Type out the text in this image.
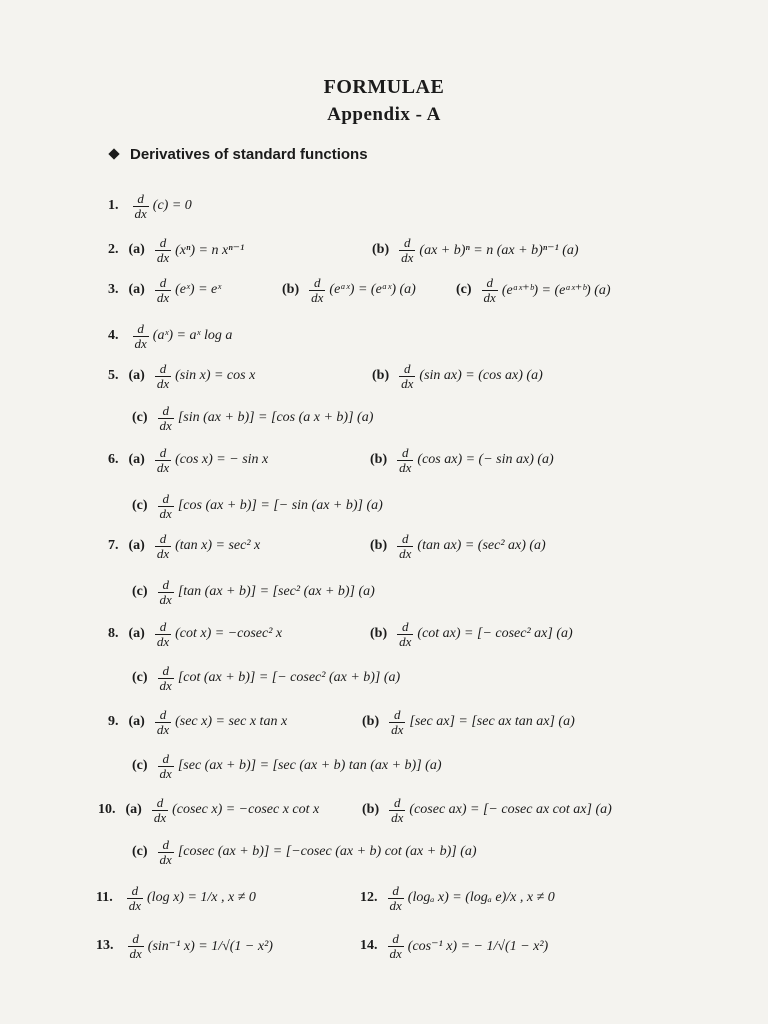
FORMULAE
Appendix - A
Derivatives of standard functions
1. $\frac{d}{dx} (c) = 0$
2. $(a) \frac{d}{dx} (x^n) = n$ xⁿ⁻¹	$(b) \frac{d}{dx} (ax + b)^n = n$ (ax + b)ⁿ⁻¹ (a)
3. $(a) \frac{d}{dx}$ (eˣ) = eˣ	$(b) \frac{d}{dx}$ (eᵃˣ) = (eᵃˣ) (a)	$(c) \frac{d}{dx}$ (eᵃˣ⁺ᵇ) = (eᵃˣ⁺ᵇ) (a)
4. $\frac{d}{dx}$ (aˣ) = aˣ log a
5. $(a) \frac{d}{dx} (\sin$ x) = cos x	$(b) \frac{d}{dx} (\sin$ ax) = (cos ax) (a)
$(c) \frac{d}{dx} [\sin$ (ax + b)] = [cos (a x + b)] (a)
6. $(a) \frac{d}{dx} (\cos$ x) = − sin x	$(b) \frac{d}{dx} (\cos$ ax) = (− sin ax) (a)
$(c) \frac{d}{dx} [\cos$ (ax + b)] = [− sin (ax + b)] (a)
7. $(a) \frac{d}{dx} (\tan$ x) = sec² x	$(b) \frac{d}{dx} (\tan$ ax) = (sec² ax) (a)
$(c) \frac{d}{dx} [\tan$ (ax + b)] = [sec² (ax + b)] (a)
8. $(a) \frac{d}{dx} (\cot$ x) = −cosec² x	$(b) \frac{d}{dx} (\cot$ ax) = [− cosec² ax] (a)
$(c) \frac{d}{dx} [\cot$ (ax + b)] = [− cosec² (ax + b)] (a)
9. $(a) \frac{d}{dx} (\sec$ x) = sec x tan x	$(b) \frac{d}{dx} [\sec$ ax] = [sec ax tan ax] (a)
$(c) \frac{d}{dx} [\sec$ (ax + b)] = [sec (ax + b) tan (ax + b)] (a)
10. $(a) \frac{d}{dx} (cosec$ x) = −cosec x cot x	$(b) \frac{d}{dx} (cosec$ ax) = [− cosec ax cot ax] (a)
$(c) \frac{d}{dx} [cosec$ (ax + b)] = [−cosec (ax + b) cot (ax + b)] (a)
11. $\frac{d}{dx} (\log$ x) = 1/x , x ≠ 0	12. $\frac{d}{dx} (\log_a$ x) = (logₐ e)/x , x ≠ 0
13. $\frac{d}{dx} (\sin^{-1}$ x) = 1/√(1 − x²)	14. $\frac{d}{dx} (\cos^{-1}$ x) = − 1/√(1 − x²)
